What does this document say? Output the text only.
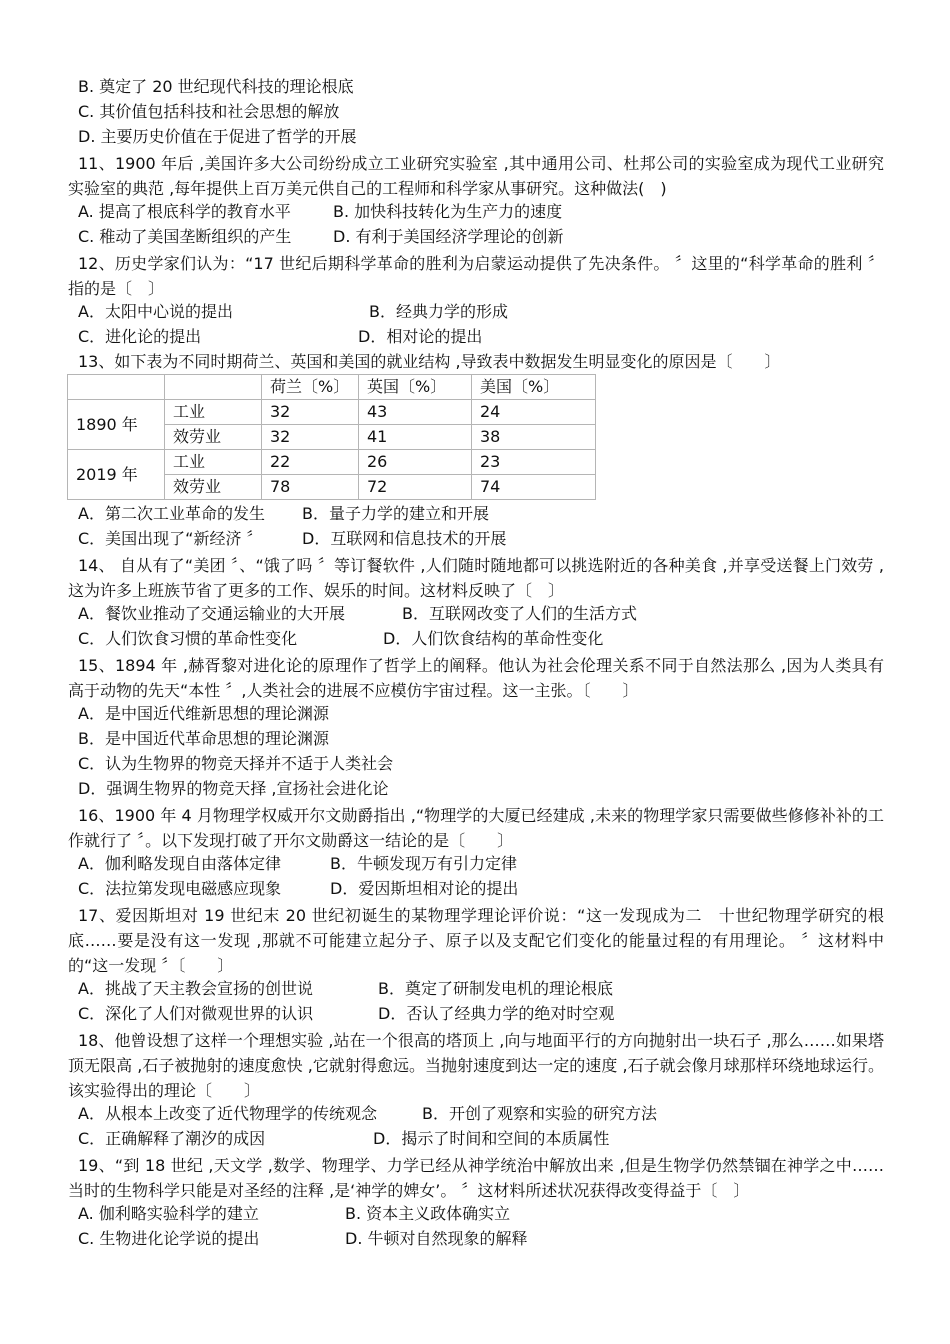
B. 奠定了 20 世纪现代科技的理论根底
C. 其价值包括科技和社会思想的解放
D. 主要历史价值在于促进了哲学的开展
11、1900 年后 ,美国许多大公司纷纷成立工业研究实验室 ,其中通用公司、杜邦公司的实验室成为现代工业研究实验室的典范 ,每年提供上百万美元供自己的工程师和科学家从事研究。这种做法(　)
A. 提高了根底科学的教育水平	B. 加快科技转化为生产力的速度
C. 稚动了美国垄断组织的产生	D. 有利于美国经济学理论的创新
12、历史学家们认为：“17 世纪后期科学革命的胜利为启蒙运动提供了先决条件。 〞这里的“科学革命的胜利 〞指的是〔　〕
A．太阳中心说的提出	B．经典力学的形成
C．进化论的提出	D．相对论的提出
13、如下表为不同时期荷兰、英国和美国的就业结构 ,导致表中数据发生明显变化的原因是〔　　〕
		荷兰〔%〕	英国〔%〕	美国〔%〕
1890 年	工业	32	43	24
	效劳业	32	41	38
2019 年	工业	22	26	23
	效劳业	78	72	74
A．第二次工业革命的发生 B．量子力学的建立和开展
C．美国出现了“新经济 〞 D．互联网和信息技术的开展
14、 自从有了“美团 〞、“饿了吗 〞等订餐软件 ,人们随时随地都可以挑选附近的各种美食 ,并享受送餐上门效劳 ,这为许多上班族节省了更多的工作、娱乐的时间。这材料反映了〔　〕
A．餐饮业推动了交通运输业的大开展	B．互联网改变了人们的生活方式
C．人们饮食习惯的革命性变化	D．人们饮食结构的革命性变化
15、1894 年 ,赫胥黎对进化论的原理作了哲学上的阐释。他认为社会伦理关系不同于自然法那么 ,因为人类具有高于动物的先天“本性 〞,人类社会的进展不应模仿宇宙过程。这一主张。〔　　〕
A．是中国近代维新思想的理论渊源
B．是中国近代革命思想的理论渊源
C．认为生物界的物竞天择并不适于人类社会
D．强调生物界的物竞天择 ,宣扬社会进化论
16、1900 年 4 月物理学权威开尔文勋爵指出 ,“物理学的大厦已经建成 ,未来的物理学家只需要做些修修补补的工作就行了 〞。以下发现打破了开尔文勋爵这一结论的是〔　　〕
A．伽利略发现自由落体定律	B．牛顿发现万有引力定律
C．法拉第发现电磁感应现象	D．爱因斯坦相对论的提出
17、爱因斯坦对 19 世纪末 20 世纪初诞生的某物理学理论评价说：“这一发现成为二　十世纪物理学研究的根底……要是没有这一发现 ,那就不可能建立起分子、原子以及支配它们变化的能量过程的有用理论。 〞这材料中的“这一发现 〞〔　　〕
A．挑战了天主教会宣扬的创世说	B．奠定了研制发电机的理论根底
C．深化了人们对微观世界的认识	D．否认了经典力学的绝对时空观
18、他曾设想了这样一个理想实验 ,站在一个很高的塔顶上 ,向与地面平行的方向抛射出一块石子 ,那么……如果塔顶无限高 ,石子被抛射的速度愈快 ,它就射得愈远。当抛射速度到达一定的速度 ,石子就会像月球那样环绕地球运行。该实验得出的理论〔　　〕
A．从根本上改变了近代物理学的传统观念	B．开创了观察和实验的研究方法
C．正确解释了潮汐的成因	D．揭示了时间和空间的本质属性
19、“到 18 世纪 ,天文学 ,数学、物理学、力学已经从神学统治中解放出来 ,但是生物学仍然禁锢在神学之中……当时的生物科学只能是对圣经的注释 ,是‘神学的婢女’。 〞这材料所述状况获得改变得益于〔　〕
A. 伽利略实验科学的建立	B. 资本主义政体确实立
C. 生物进化论学说的提出	D. 牛顿对自然现象的解释
